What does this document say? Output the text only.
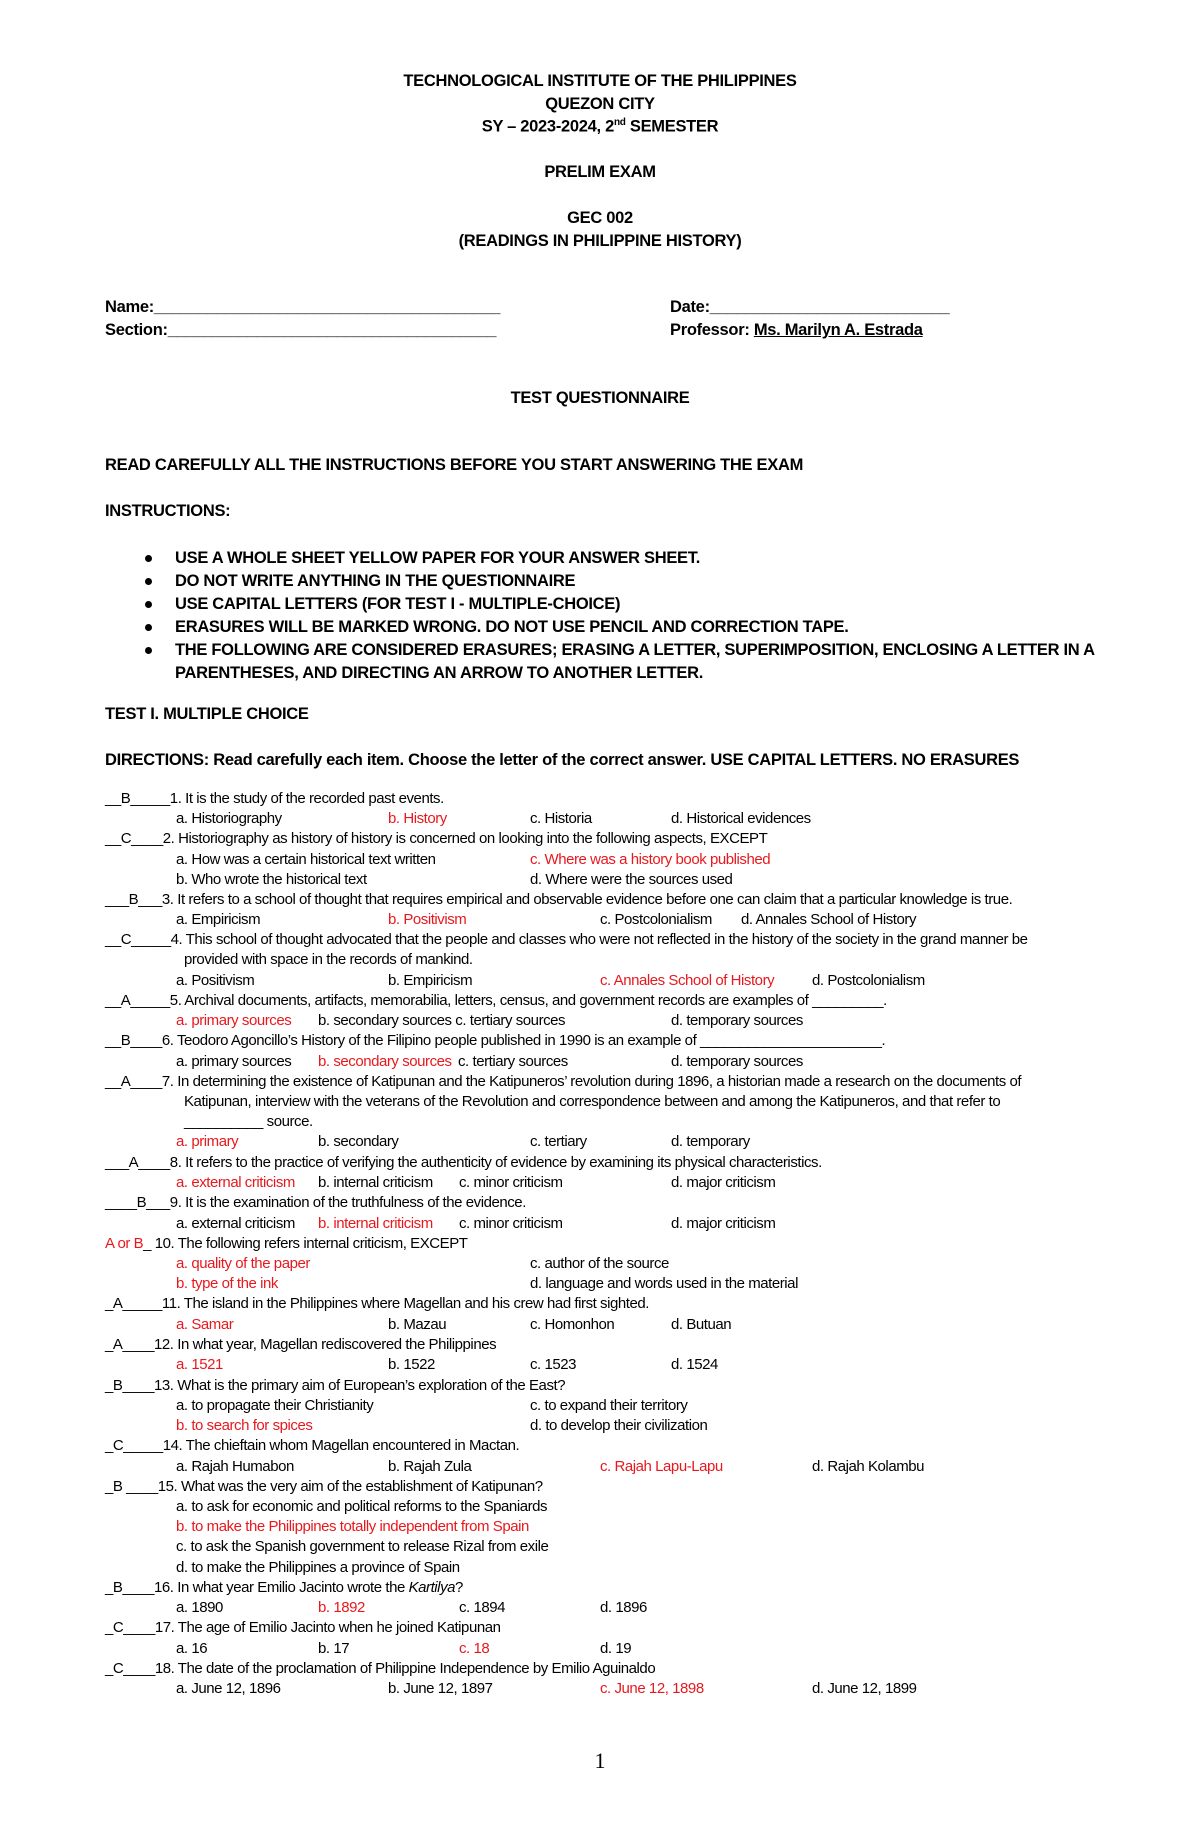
TECHNOLOGICAL INSTITUTE OF THE PHILIPPINES
QUEZON CITY
SY – 2023-2024, 2nd SEMESTER
PRELIM EXAM
GEC 002
(READINGS IN PHILIPPINE HISTORY)
Name:_______________________________________
Section:_____________________________________
Date:___________________________
Professor: Ms. Marilyn A. Estrada
TEST QUESTIONNAIRE
READ CAREFULLY ALL THE INSTRUCTIONS BEFORE YOU START ANSWERING THE EXAM
INSTRUCTIONS:
USE A WHOLE SHEET YELLOW PAPER FOR YOUR ANSWER SHEET.
DO NOT WRITE ANYTHING IN THE QUESTIONNAIRE
USE CAPITAL LETTERS (FOR TEST I - MULTIPLE-CHOICE)
ERASURES WILL BE MARKED WRONG. DO NOT USE PENCIL AND CORRECTION TAPE.
THE FOLLOWING ARE CONSIDERED ERASURES; ERASING A LETTER, SUPERIMPOSITION, ENCLOSING A LETTER IN A PARENTHESES, AND DIRECTING AN ARROW TO ANOTHER LETTER.
TEST I. MULTIPLE CHOICE
DIRECTIONS: Read carefully each item. Choose the letter of the correct answer. USE CAPITAL LETTERS. NO ERASURES
__B_____1. It is the study of the recorded past events.
a. Historiography	b. History	c. Historia	d. Historical evidences
__C____2. Historiography as history of history is concerned on looking into the following aspects, EXCEPT
a. How was a certain historical text written	c. Where was a history book published
b. Who wrote the historical text	d. Where were the sources used
___B___3. It refers to a school of thought that requires empirical and observable evidence before one can claim that a particular knowledge is true.
a. Empiricism	b. Positivism	c. Postcolonialism d. Annales School of History
__C_____4. This school of thought advocated that the people and classes who were not reflected in the history of the society in the grand manner be
provided with space in the records of mankind.
a. Positivism	b. Empiricism	c. Annales School of History	d. Postcolonialism
__A_____5. Archival documents, artifacts, memorabilia, letters, census, and government records are examples of _________.
a. primary sources b. secondary sources c. tertiary sources	d. temporary sources
__B____6. Teodoro Agoncillo’s History of the Filipino people published in 1990 is an example of _______________________.
a. primary sources b. secondary sources c. tertiary sources	d. temporary sources
__A____7. In determining the existence of Katipunan and the Katipuneros’ revolution during 1896, a historian made a research on the documents of
Katipunan, interview with the veterans of the Revolution and correspondence between and among the Katipuneros, and that refer to
__________ source.
a. primary	b. secondary	c. tertiary	d. temporary
___A____8. It refers to the practice of verifying the authenticity of evidence by examining its physical characteristics.
a. external criticism b. internal criticism c. minor criticism	d. major criticism
____B___9. It is the examination of the truthfulness of the evidence.
a. external criticism b. internal criticism c. minor criticism	d. major criticism
A or B_ 10. The following refers internal criticism, EXCEPT
a. quality of the paper	c. author of the source
b. type of the ink	d. language and words used in the material
_A_____11. The island in the Philippines where Magellan and his crew had first sighted.
a. Samar	b. Mazau	c. Homonhon	d. Butuan
_A____12. In what year, Magellan rediscovered the Philippines
a. 1521	b. 1522	c. 1523	d. 1524
_B____13. What is the primary aim of European’s exploration of the East?
a. to propagate their Christianity	c. to expand their territory
b. to search for spices	d. to develop their civilization
_C_____14. The chieftain whom Magellan encountered in Mactan.
a. Rajah Humabon	b. Rajah Zula	c. Rajah Lapu-Lapu	d. Rajah Kolambu
_B ____15. What was the very aim of the establishment of Katipunan?
a. to ask for economic and political reforms to the Spaniards
b. to make the Philippines totally independent from Spain
c. to ask the Spanish government to release Rizal from exile
d. to make the Philippines a province of Spain
_B____16. In what year Emilio Jacinto wrote the Kartilya?
a. 1890	b. 1892	c. 1894	d. 1896
_C____17. The age of Emilio Jacinto when he joined Katipunan
a. 16	b. 17	c. 18	d. 19
_C____18. The date of the proclamation of Philippine Independence by Emilio Aguinaldo
a. June 12, 1896	b. June 12, 1897	c. June 12, 1898	d. June 12, 1899
1
